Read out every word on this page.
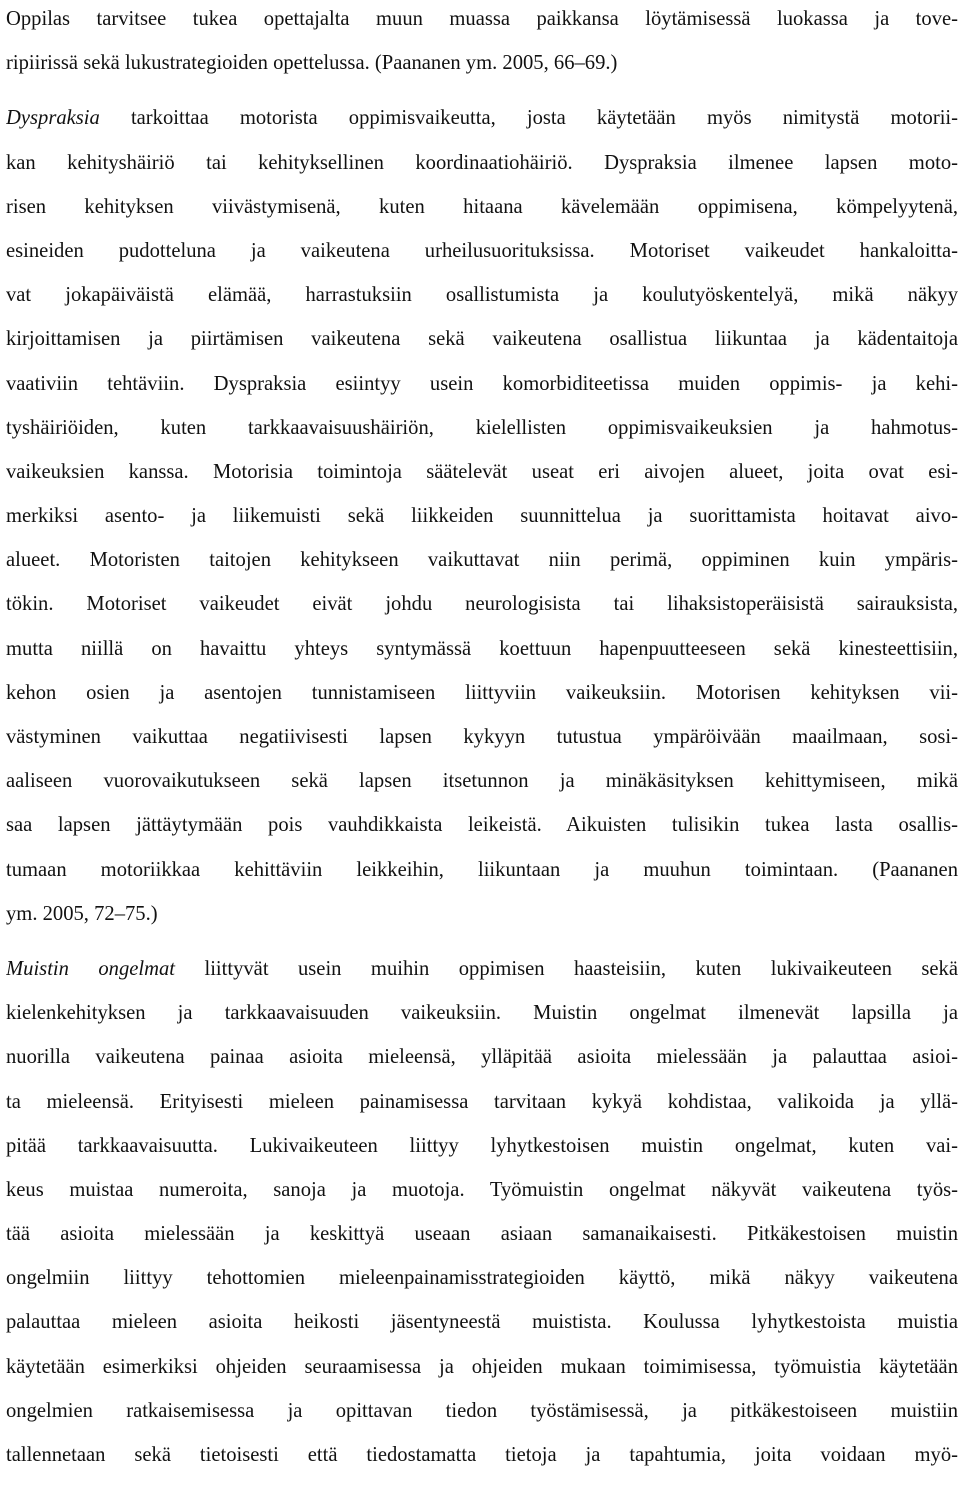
Oppilas tarvitsee tukea opettajalta muun muassa paikkansa löytämisessä luokassa ja tove-
ripiirissä sekä lukustrategioiden opettelussa. (Paananen ym. 2005, 66–69.)
Dyspraksia tarkoittaa motorista oppimisvaikeutta, josta käytetään myös nimitystä motorii-
kan kehityshäiriö tai kehityksellinen koordinaatiohäiriö. Dyspraksia ilmenee lapsen moto-
risen kehityksen viivästymisenä, kuten hitaana kävelemään oppimisena, kömpelyytenä,
esineiden pudotteluna ja vaikeutena urheilusuorituksissa. Motoriset vaikeudet hankaloitta-
vat jokapäiväistä elämää, harrastuksiin osallistumista ja koulutyöskentelyä, mikä näkyy
kirjoittamisen ja piirtämisen vaikeutena sekä vaikeutena osallistua liikuntaa ja kädentaitoja
vaativiin tehtäviin. Dyspraksia esiintyy usein komorbiditeetissa muiden oppimis- ja kehi-
tyshäiriöiden, kuten tarkkaavaisuushäiriön, kielellisten oppimisvaikeuksien ja hahmotus-
vaikeuksien kanssa. Motorisia toimintoja säätelevät useat eri aivojen alueet, joita ovat esi-
merkiksi asento- ja liikemuisti sekä liikkeiden suunnittelua ja suorittamista hoitavat aivo-
alueet. Motoristen taitojen kehitykseen vaikuttavat niin perimä, oppiminen kuin ympäris-
tökin. Motoriset vaikeudet eivät johdu neurologisista tai lihaksistoperäisistä sairauksista,
mutta niillä on havaittu yhteys syntymässä koettuun hapenpuutteeseen sekä kinesteettisiin,
kehon osien ja asentojen tunnistamiseen liittyviin vaikeuksiin. Motorisen kehityksen vii-
västyminen vaikuttaa negatiivisesti lapsen kykyyn tutustua ympäröivään maailmaan, sosi-
aaliseen vuorovaikutukseen sekä lapsen itsetunnon ja minäkäsityksen kehittymiseen, mikä
saa lapsen jättäytymään pois vauhdikkaista leikeistä. Aikuisten tulisikin tukea lasta osallis-
tumaan motoriikkaa kehittäviin leikkeihin, liikuntaan ja muuhun toimintaan. (Paananen
ym. 2005, 72–75.)
Muistin ongelmat liittyvät usein muihin oppimisen haasteisiin, kuten lukivaikeuteen sekä
kielenkehityksen ja tarkkaavaisuuden vaikeuksiin. Muistin ongelmat ilmenevät lapsilla ja
nuorilla vaikeutena painaa asioita mieleensä, ylläpitää asioita mielessään ja palauttaa asioi-
ta mieleensä. Erityisesti mieleen painamisessa tarvitaan kykyä kohdistaa, valikoida ja yllä-
pitää tarkkaavaisuutta. Lukivaikeuteen liittyy lyhytkestoisen muistin ongelmat, kuten vai-
keus muistaa numeroita, sanoja ja muotoja. Työmuistin ongelmat näkyvät vaikeutena työs-
tää asioita mielessään ja keskittyä useaan asiaan samanaikaisesti. Pitkäkestoisen muistin
ongelmiin liittyy tehottomien mieleenpainamisstrategioiden käyttö, mikä näkyy vaikeutena
palauttaa mieleen asioita heikosti jäsentyneestä muistista. Koulussa lyhytkestoista muistia
käytetään esimerkiksi ohjeiden seuraamisessa ja ohjeiden mukaan toimimisessa, työmuistia käytetään
ongelmien ratkaisemisessa ja opittavan tiedon työstämisessä, ja pitkäkestoiseen muistiin
tallennetaan sekä tietoisesti että tiedostamatta tietoja ja tapahtumia, joita voidaan myö-
